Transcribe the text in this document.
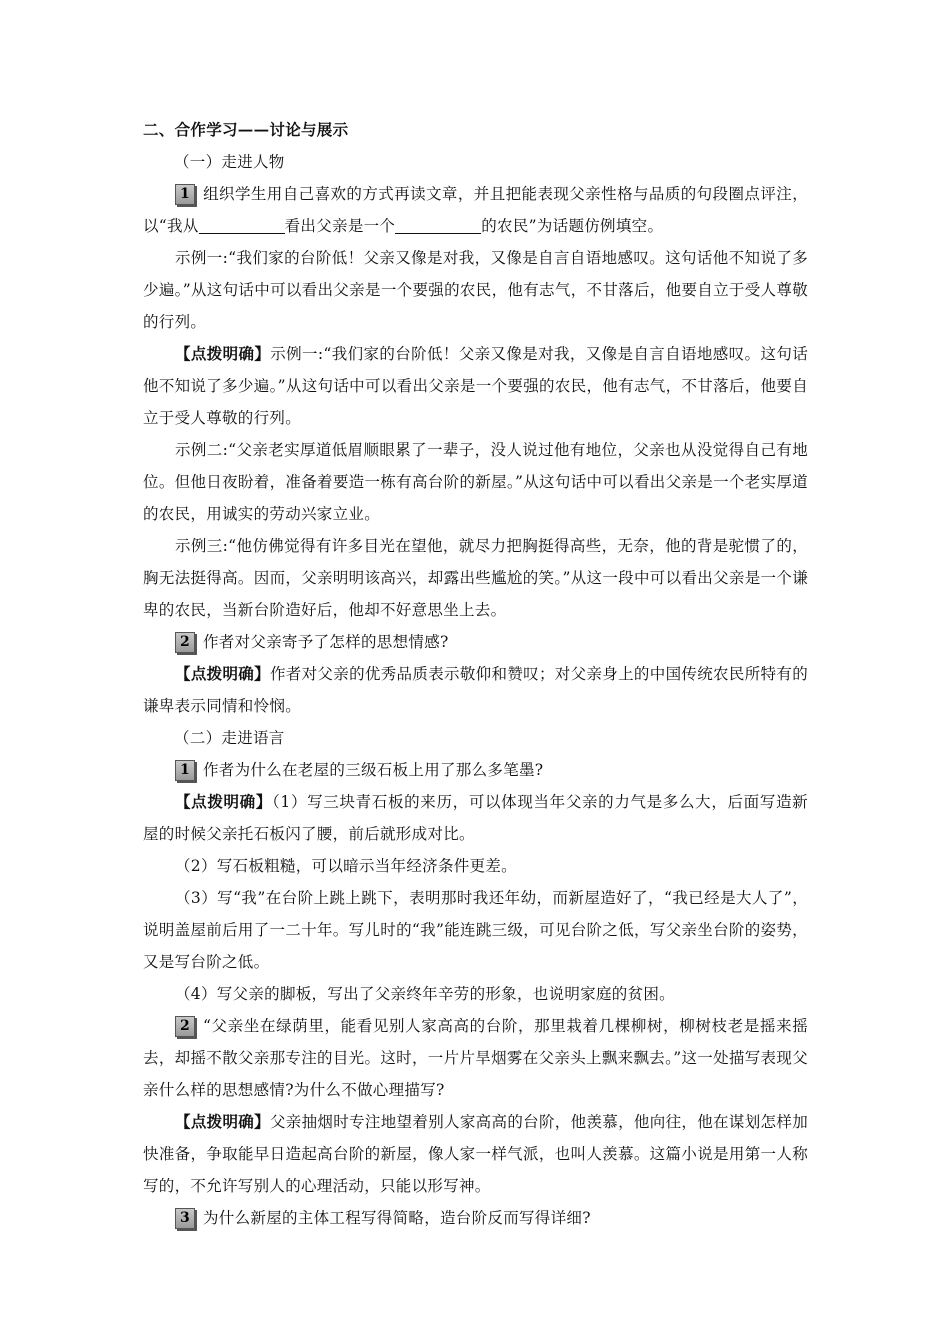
二、合作学习——讨论与展示

（一）走进人物

1 组织学生用自己喜欢的方式再读文章，并且把能表现父亲性格与品质的句段圈点评注，以“我从	看出父亲是一个	的农民”为话题仿例填空。

示例一:“我们家的台阶低！父亲又像是对我，又像是自言自语地感叹。这句话他不知说了多少遍。”从这句话中可以看出父亲是一个要强的农民，他有志气，不甘落后，他要自立于受人尊敬的行列。

【点拨明确】示例一:“我们家的台阶低！父亲又像是对我，又像是自言自语地感叹。这句话他不知说了多少遍。”从这句话中可以看出父亲是一个要强的农民，他有志气，不甘落后，他要自立于受人尊敬的行列。

示例二:“父亲老实厚道低眉顺眼累了一辈子，没人说过他有地位，父亲也从没觉得自己有地位。但他日夜盼着，准备着要造一栋有高台阶的新屋。”从这句话中可以看出父亲是一个老实厚道的农民，用诚实的劳动兴家立业。

示例三:“他仿佛觉得有许多目光在望他，就尽力把胸挺得高些，无奈，他的背是驼惯了的，胸无法挺得高。因而，父亲明明该高兴，却露出些尴尬的笑。”从这一段中可以看出父亲是一个谦卑的农民，当新台阶造好后，他却不好意思坐上去。

2 作者对父亲寄予了怎样的思想情感?

【点拨明确】作者对父亲的优秀品质表示敬仰和赞叹；对父亲身上的中国传统农民所特有的谦卑表示同情和怜悯。

（二）走进语言

1 作者为什么在老屋的三级石板上用了那么多笔墨?

【点拨明确】（1）写三块青石板的来历，可以体现当年父亲的力气是多么大，后面写造新屋的时候父亲托石板闪了腰，前后就形成对比。

（2）写石板粗糙，可以暗示当年经济条件更差。

（3）写“我”在台阶上跳上跳下，表明那时我还年幼，而新屋造好了，“我已经是大人了”，说明盖屋前后用了一二十年。写儿时的“我”能连跳三级，可见台阶之低，写父亲坐台阶的姿势，又是写台阶之低。

（4）写父亲的脚板，写出了父亲终年辛劳的形象，也说明家庭的贫困。

2 “父亲坐在绿荫里，能看见别人家高高的台阶，那里栽着几棵柳树，柳树枝老是摇来摇去，却摇不散父亲那专注的目光。这时，一片片旱烟雾在父亲头上飘来飘去。”这一处描写表现父亲什么样的思想感情?为什么不做心理描写?

【点拨明确】父亲抽烟时专注地望着别人家高高的台阶，他羡慕，他向往，他在谋划怎样加快准备，争取能早日造起高台阶的新屋，像人家一样气派，也叫人羡慕。这篇小说是用第一人称写的，不允许写别人的心理活动，只能以形写神。

3 为什么新屋的主体工程写得简略，造台阶反而写得详细?
